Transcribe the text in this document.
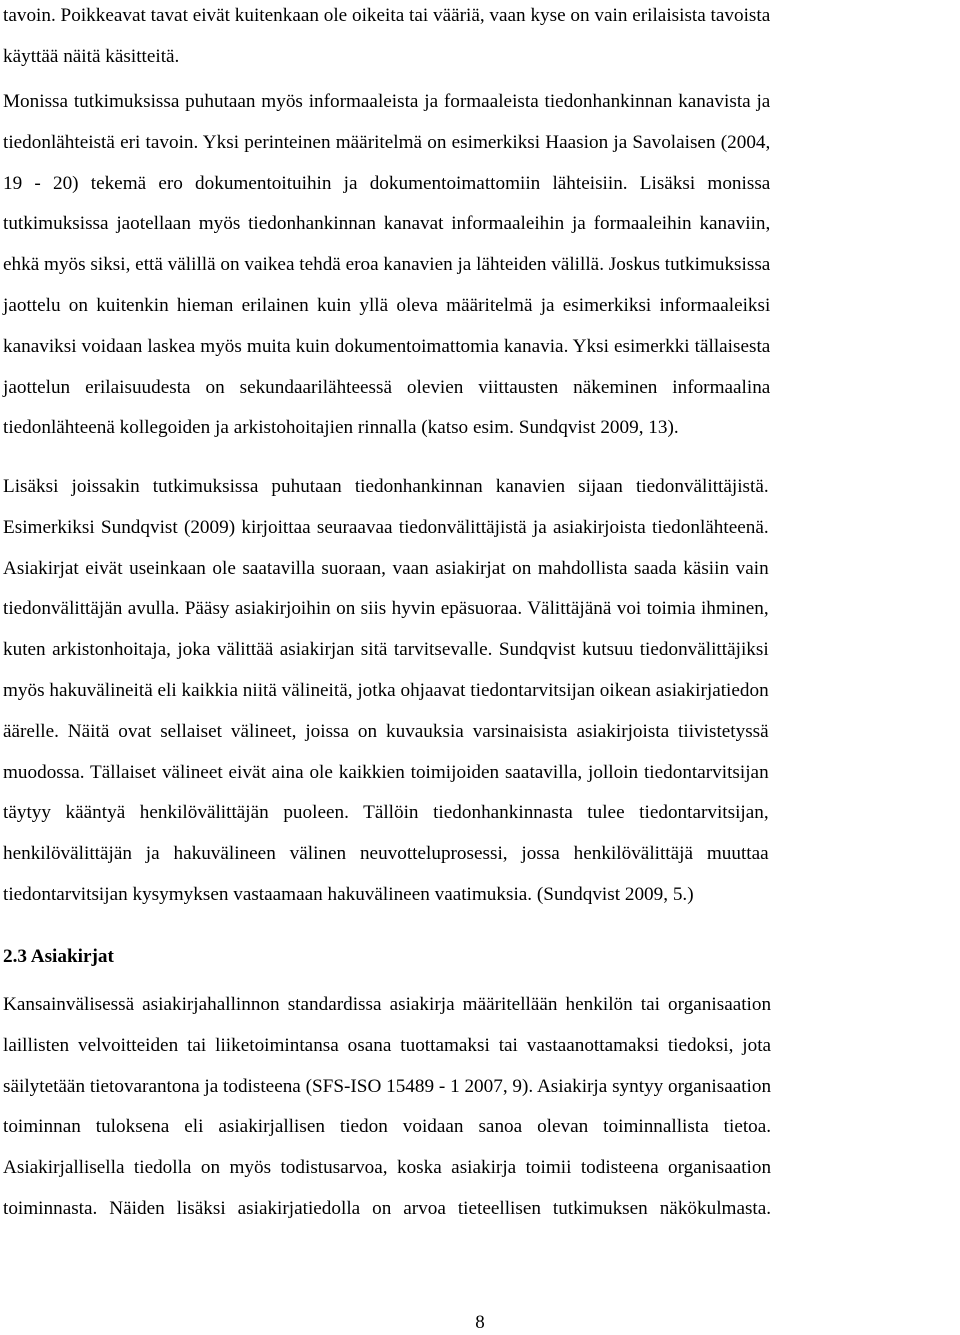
tavoin. Poikkeavat tavat eivät kuitenkaan ole oikeita tai vääriä, vaan kyse on vain erilaisista tavoista
käyttää näitä käsitteitä.
Monissa tutkimuksissa puhutaan myös informaaleista ja formaaleista tiedonhankinnan kanavista ja
tiedonlähteistä eri tavoin. Yksi perinteinen määritelmä on esimerkiksi Haasion ja Savolaisen (2004,
19 - 20) tekemä ero dokumentoituihin ja dokumentoimattomiin lähteisiin. Lisäksi monissa
tutkimuksissa jaotellaan myös tiedonhankinnan kanavat informaaleihin ja formaaleihin kanaviin,
ehkä myös siksi, että välillä on vaikea tehdä eroa kanavien ja lähteiden välillä. Joskus tutkimuksissa
jaottelu on kuitenkin hieman erilainen kuin yllä oleva määritelmä ja esimerkiksi informaaleiksi
kanaviksi voidaan laskea myös muita kuin dokumentoimattomia kanavia. Yksi esimerkki tällaisesta
jaottelun erilaisuudesta on sekundaarilähteessä olevien viittausten näkeminen informaalina
tiedonlähteenä kollegoiden ja arkistohoitajien rinnalla (katso esim. Sundqvist 2009, 13).
Lisäksi joissakin tutkimuksissa puhutaan tiedonhankinnan kanavien sijaan tiedonvälittäjistä.
Esimerkiksi Sundqvist (2009) kirjoittaa seuraavaa tiedonvälittäjistä ja asiakirjoista tiedonlähteenä.
Asiakirjat eivät useinkaan ole saatavilla suoraan, vaan asiakirjat on mahdollista saada käsiin vain
tiedonvälittäjän avulla. Pääsy asiakirjoihin on siis hyvin epäsuoraa. Välittäjänä voi toimia ihminen,
kuten arkistonhoitaja, joka välittää asiakirjan sitä tarvitsevalle. Sundqvist kutsuu tiedonvälittäjiksi
myös hakuvälineitä eli kaikkia niitä välineitä, jotka ohjaavat tiedontarvitsijan oikean asiakirjatiedon
äärelle. Näitä ovat sellaiset välineet, joissa on kuvauksia varsinaisista asiakirjoista tiivistetyssä
muodossa. Tällaiset välineet eivät aina ole kaikkien toimijoiden saatavilla, jolloin tiedontarvitsijan
täytyy kääntyä henkilövälittäjän puoleen. Tällöin tiedonhankinnasta tulee tiedontarvitsijan,
henkilövälittäjän ja hakuvälineen välinen neuvotteluprosessi, jossa henkilövälittäjä muuttaa
tiedontarvitsijan kysymyksen vastaamaan hakuvälineen vaatimuksia. (Sundqvist 2009, 5.)
2.3 Asiakirjat
Kansainvälisessä asiakirjahallinnon standardissa asiakirja määritellään henkilön tai organisaation
laillisten velvoitteiden tai liiketoimintansa osana tuottamaksi tai vastaanottamaksi tiedoksi, jota
säilytetään tietovarantona ja todisteena (SFS-ISO 15489 - 1 2007, 9). Asiakirja syntyy organisaation
toiminnan tuloksena eli asiakirjallisen tiedon voidaan sanoa olevan toiminnallista tietoa.
Asiakirjallisella tiedolla on myös todistusarvoa, koska asiakirja toimii todisteena organisaation
toiminnasta. Näiden lisäksi asiakirjatiedolla on arvoa tieteellisen tutkimuksen näkökulmasta.
8
